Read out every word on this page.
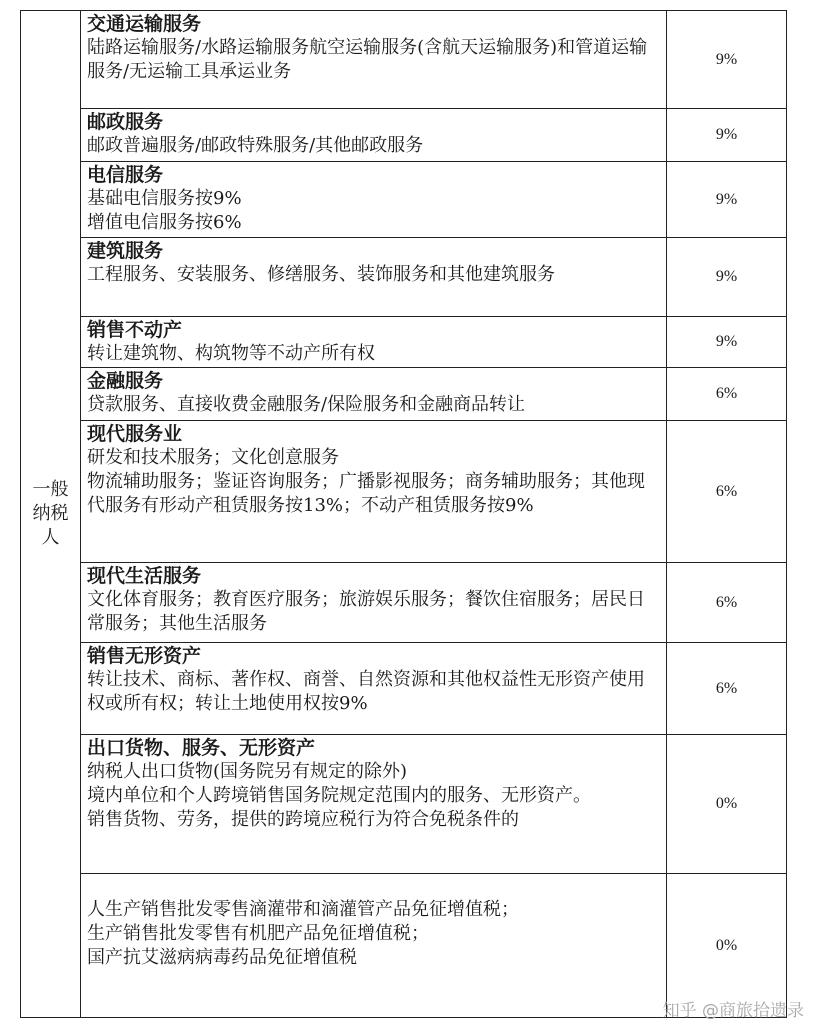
一般纳税人	交通运输服务
陆路运输服务/水路运输服务航空运输服务(含航天运输服务)和管道运输服务/无运输工具承运业务	9%

	邮政服务
邮政普遍服务/邮政特殊服务/其他邮政服务	9%

	电信服务
基础电信服务按9%
增值电信服务按6%	9%

	建筑服务
工程服务、安装服务、修缮服务、装饰服务和其他建筑服务	9%

	销售不动产
转让建筑物、构筑物等不动产所有权	9%

	金融服务
贷款服务、直接收费金融服务/保险服务和金融商品转让	6%

	现代服务业
研发和技术服务；文化创意服务
物流辅助服务；鉴证咨询服务；广播影视服务；商务辅助服务；其他现代服务有形动产租赁服务按13%；不动产租赁服务按9%	6%

	现代生活服务
文化体育服务；教育医疗服务；旅游娱乐服务；餐饮住宿服务；居民日常服务；其他生活服务	6%

	销售无形资产
转让技术、商标、著作权、商誉、自然资源和其他权益性无形资产使用权或所有权；转让土地使用权按9%	6%

	出口货物、服务、无形资产
纳税人出口货物(国务院另有规定的除外)
境内单位和个人跨境销售国务院规定范围内的服务、无形资产。
销售货物、劳务，提供的跨境应税行为符合免税条件的	0%

	人生产销售批发零售滴灌带和滴灌管产品免征增值税；
生产销售批发零售有机肥产品免征增值税；
国产抗艾滋病病毒药品免征增值税	0%
知乎 @商旅拾遗录
